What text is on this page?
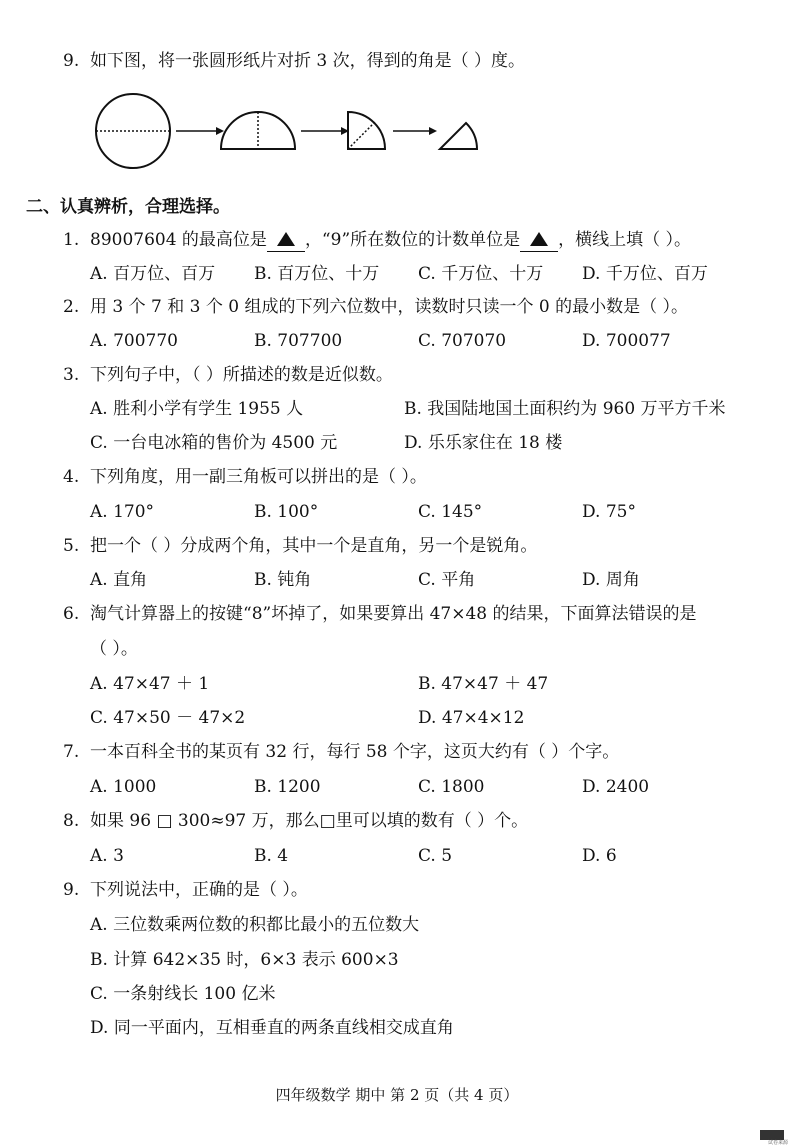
9. 如下图，将一张圆形纸片对折 3 次，得到的角是（ ）度。
二、认真辨析，合理选择。
1. 89007604 的最高位是 ，“9”所在数位的计数单位是 ，横线上填（ ）。
A. 百万位、百万 B. 百万位、十万 C. 千万位、十万 D. 千万位、百万
2. 用 3 个 7 和 3 个 0 组成的下列六位数中，读数时只读一个 0 的最小数是（ ）。
A. 700770	B. 707700	C. 707070	D. 700077
3. 下列句子中，（ ）所描述的数是近似数。
A. 胜利小学有学生 1955 人	B. 我国陆地国土面积约为 960 万平方千米
C. 一台电冰箱的售价为 4500 元	D. 乐乐家住在 18 楼
4. 下列角度，用一副三角板可以拼出的是（ ）。
A. 170°	B. 100°	C. 145°	D. 75°
5. 把一个（ ）分成两个角，其中一个是直角，另一个是锐角。
A. 直角	B. 钝角	C. 平角	D. 周角
6. 淘气计算器上的按键“8”坏掉了，如果要算出 47×48 的结果，下面算法错误的是
（ ）。
A. 47×47 ＋ 1	B. 47×47 ＋ 47
C. 47×50 － 47×2	D. 47×4×12
7. 一本百科全书的某页有 32 行，每行 58 个字，这页大约有（ ）个字。
A. 1000	B. 1200	C. 1800	D. 2400
8. 如果 96 □ 300≈97 万，那么□里可以填的数有（ ）个。
A. 3	B. 4	C. 5	D. 6
9. 下列说法中，正确的是（ ）。
A. 三位数乘两位数的积都比最小的五位数大
B. 计算 642×35 时，6×3 表示 600×3
C. 一条射线长 100 亿米
D. 同一平面内，互相垂直的两条直线相交成直角
四年级数学 期中 第 2 页（共 4 页）
试卷来源
